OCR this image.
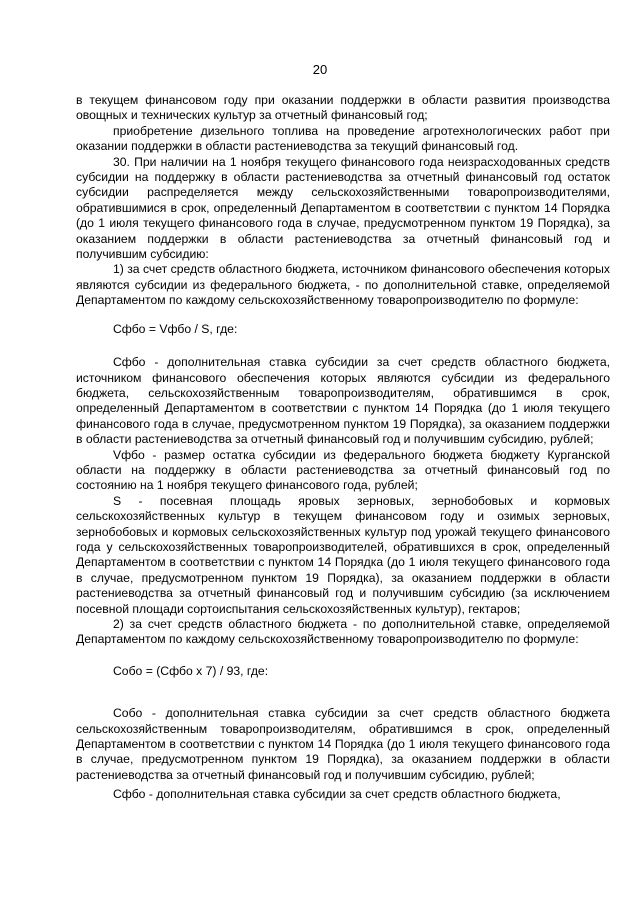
20

в текущем финансовом году при оказании поддержки в области развития производства овощных и технических культур за отчетный финансовый год;

приобретение дизельного топлива на проведение агротехнологических работ при оказании поддержки в области растениеводства за текущий финансовый год.

30. При наличии на 1 ноября текущего финансового года неизрасходованных средств субсидии на поддержку в области растениеводства за отчетный финансовый год остаток субсидии распределяется между сельскохозяйственными товаропроизводителями, обратившимися в срок, определенный Департаментом в соответствии с пунктом 14 Порядка (до 1 июля текущего финансового года в случае, предусмотренном пунктом 19 Порядка), за оказанием поддержки в области растениеводства за отчетный финансовый год и получившим субсидию:

1) за счет средств областного бюджета, источником финансового обеспечения которых являются субсидии из федерального бюджета, - по дополнительной ставке, определяемой Департаментом по каждому сельскохозяйственному товаропроизводителю по формуле:

Сфбо = Vфбо / S, где:

Сфбо - дополнительная ставка субсидии за счет средств областного бюджета, источником финансового обеспечения которых являются субсидии из федерального бюджета, сельскохозяйственным товаропроизводителям, обратившимся в срок, определенный Департаментом в соответствии с пунктом 14 Порядка (до 1 июля текущего финансового года в случае, предусмотренном пунктом 19 Порядка), за оказанием поддержки в области растениеводства за отчетный финансовый год и получившим субсидию, рублей;

Vфбо - размер остатка субсидии из федерального бюджета бюджету Курганской области на поддержку в области растениеводства за отчетный финансовый год по состоянию на 1 ноября текущего финансового года, рублей;

S - посевная площадь яровых зерновых, зернобобовых и кормовых сельскохозяйственных культур в текущем финансовом году и озимых зерновых, зернобобовых и кормовых сельскохозяйственных культур под урожай текущего финансового года у сельскохозяйственных товаропроизводителей, обратившихся в срок, определенный Департаментом в соответствии с пунктом 14 Порядка (до 1 июля текущего финансового года в случае, предусмотренном пунктом 19 Порядка), за оказанием поддержки в области растениеводства за отчетный финансовый год и получившим субсидию (за исключением посевной площади сортоиспытания сельскохозяйственных культур), гектаров;

2) за счет средств областного бюджета - по дополнительной ставке, определяемой Департаментом по каждому сельскохозяйственному товаропроизводителю по формуле:

Собо = (Сфбо x 7) / 93, где:

Собо - дополнительная ставка субсидии за счет средств областного бюджета сельскохозяйственным товаропроизводителям, обратившимся в срок, определенный Департаментом в соответствии с пунктом 14 Порядка (до 1 июля текущего финансового года в случае, предусмотренном пунктом 19 Порядка), за оказанием поддержки в области растениеводства за отчетный финансовый год и получившим субсидию, рублей;

Сфбо - дополнительная ставка субсидии за счет средств областного бюджета,
